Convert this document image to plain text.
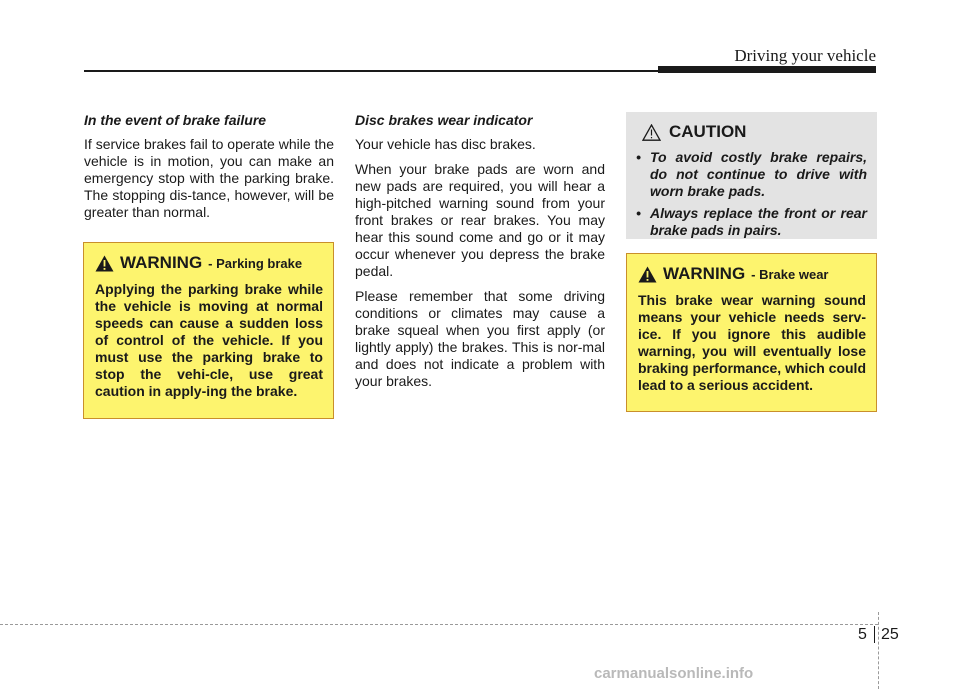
Driving your vehicle
In the event of brake failure

If service brakes fail to operate while the vehicle is in motion, you can make an emergency stop with the parking brake. The stopping dis-tance, however, will be greater than normal.

WARNING - Parking brake

Applying the parking brake while the vehicle is moving at normal speeds can cause a sudden loss of control of the vehicle. If you must use the parking brake to stop the vehi-cle, use great caution in apply-ing the brake.

Disc brakes wear indicator

Your vehicle has disc brakes.

When your brake pads are worn and new pads are required, you will hear a high-pitched warning sound from your front brakes or rear brakes. You may hear this sound come and go or it may occur whenever you depress the brake pedal.

Please remember that some driving conditions or climates may cause a brake squeal when you first apply (or lightly apply) the brakes. This is nor-mal and does not indicate a problem with your brakes.

CAUTION
• To avoid costly brake repairs, do not continue to drive with worn brake pads.
• Always replace the front or rear brake pads in pairs.
WARNING - Brake wear

This brake wear warning sound means your vehicle needs serv-ice. If you ignore this audible warning, you will eventually lose braking performance, which could lead to a serious accident.

5 25
carmanualsonline.info
